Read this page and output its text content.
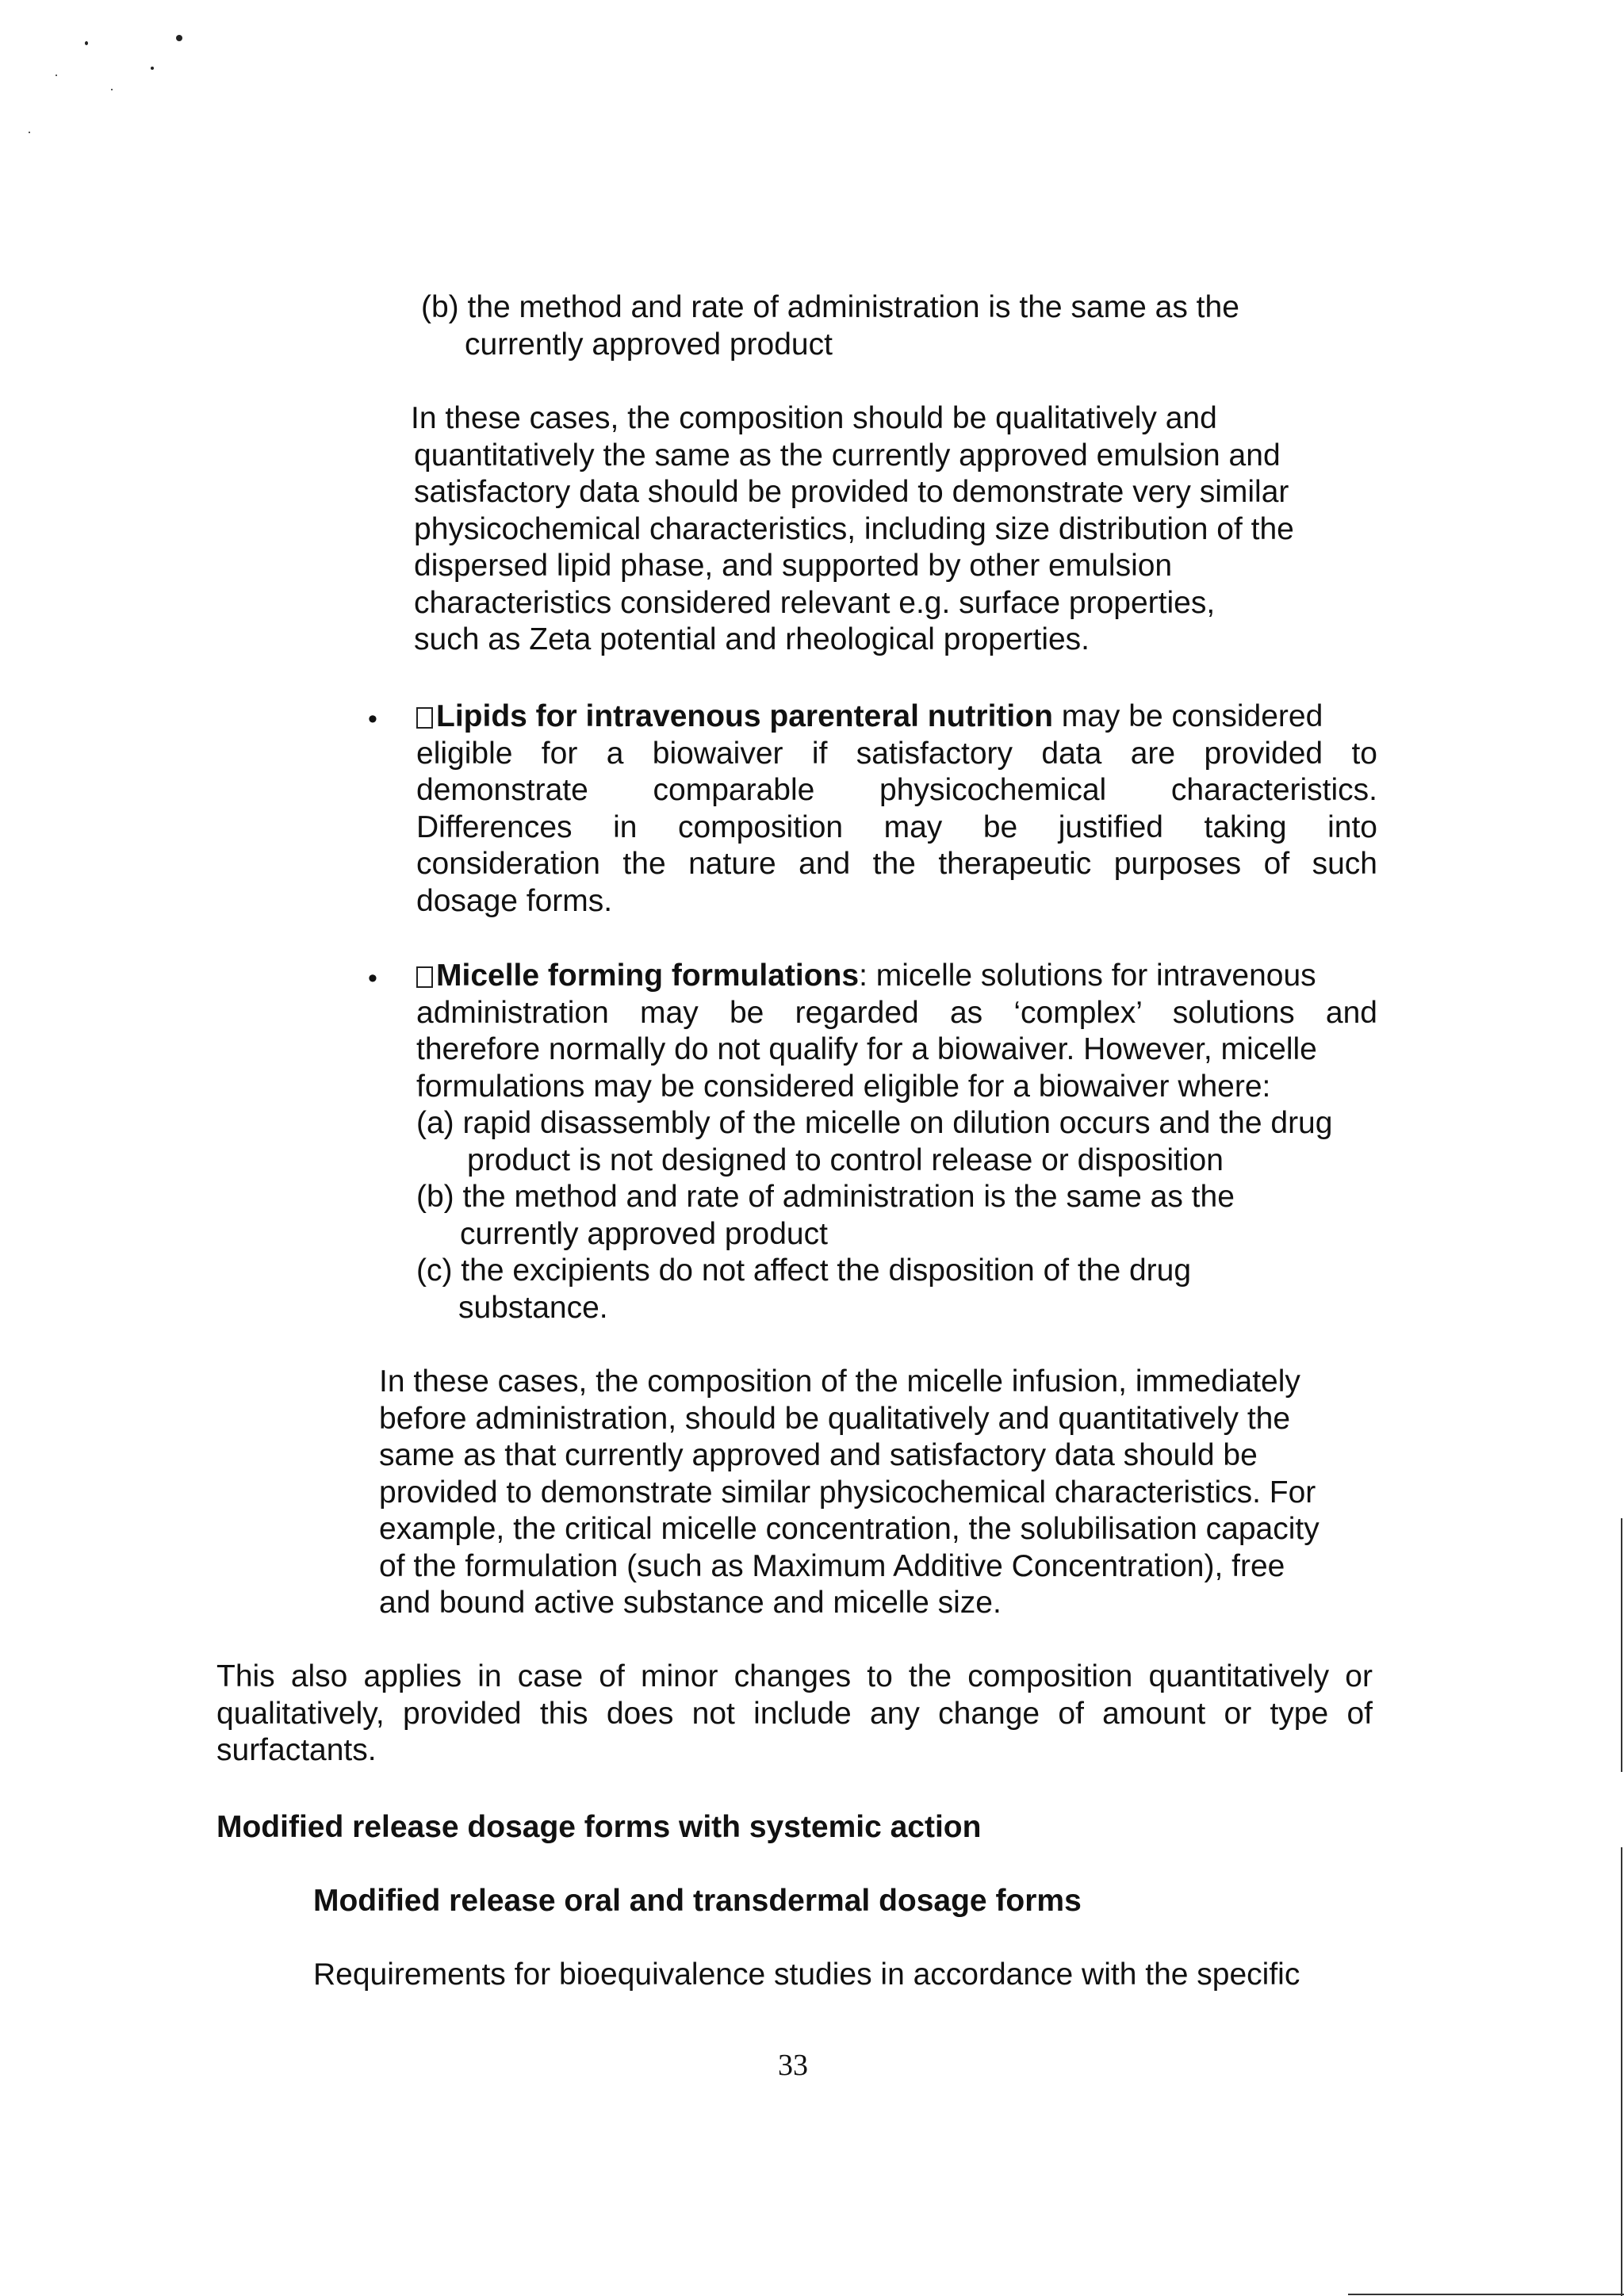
(b) the method and rate of administration is the same as the
currently approved product
In these cases, the composition should be qualitatively and
quantitatively the same as the currently approved emulsion and
satisfactory data should be provided to demonstrate very similar
physicochemical characteristics, including size distribution of the
dispersed lipid phase, and supported by other emulsion
characteristics considered relevant e.g. surface properties,
such as Zeta potential and rheological properties.
•	Lipids for intravenous parenteral nutrition may be considered
eligible for a biowaiver if satisfactory data are provided to
demonstrate comparable physicochemical characteristics.
Differences in composition may be justified taking into
consideration the nature and the therapeutic purposes of such
dosage forms.
•	Micelle forming formulations: micelle solutions for intravenous
administration may be regarded as ‘complex’ solutions and
therefore normally do not qualify for a biowaiver. However, micelle
formulations may be considered eligible for a biowaiver where:
(a) rapid disassembly of the micelle on dilution occurs and the drug
product is not designed to control release or disposition
(b) the method and rate of administration is the same as the
currently approved product
(c) the excipients do not affect the disposition of the drug
substance.
In these cases, the composition of the micelle infusion, immediately
before administration, should be qualitatively and quantitatively the
same as that currently approved and satisfactory data should be
provided to demonstrate similar physicochemical characteristics. For
example, the critical micelle concentration, the solubilisation capacity
of the formulation (such as Maximum Additive Concentration), free
and bound active substance and micelle size.
This also applies in case of minor changes to the composition quantitatively or
qualitatively, provided this does not include any change of amount or type of
surfactants.
Modified release dosage forms with systemic action
Modified release oral and transdermal dosage forms
Requirements for bioequivalence studies in accordance with the specific
33
